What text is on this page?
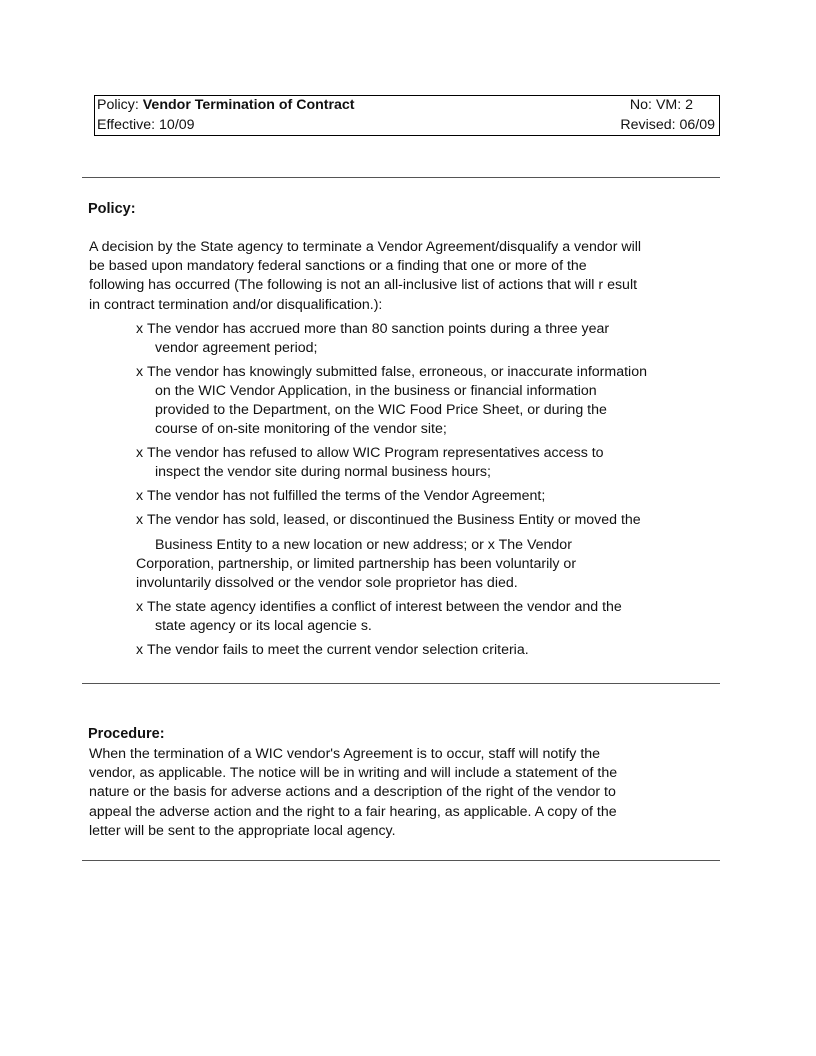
Policy: Vendor Termination of Contract	No: VM: 2
Effective: 10/09	Revised: 06/09
Policy:
A decision by the State agency to terminate a Vendor Agreement/disqualify a vendor will
be based upon mandatory federal sanctions or a finding that one or more of the
following has occurred (The following is not an all-inclusive list of actions that will r esult
in contract termination and/or disqualification.):
x The vendor has accrued more than 80 sanction points during a three year
vendor agreement period;
x The vendor has knowingly submitted false, erroneous, or inaccurate information
on the WIC Vendor Application, in the business or financial information
provided to the Department, on the WIC Food Price Sheet, or during the
course of on-site monitoring of the vendor site;
x The vendor has refused to allow WIC Program representatives access to
inspect the vendor site during normal business hours;
x The vendor has not fulfilled the terms of the Vendor Agreement;
x The vendor has sold, leased, or discontinued the Business Entity or moved the
Business Entity to a new location or new address; or x The Vendor
Corporation, partnership, or limited partnership has been voluntarily or
involuntarily dissolved or the vendor sole proprietor has died.
x The state agency identifies a conflict of interest between the vendor and the
state agency or its local agencie s.
x The vendor fails to meet the current vendor selection criteria.
Procedure:
When the termination of a WIC vendor's Agreement is to occur, staff will notify the
vendor, as applicable. The notice will be in writing and will include a statement of the
nature or the basis for adverse actions and a description of the right of the vendor to
appeal the adverse action and the right to a fair hearing, as applicable. A copy of the
letter will be sent to the appropriate local agency.
